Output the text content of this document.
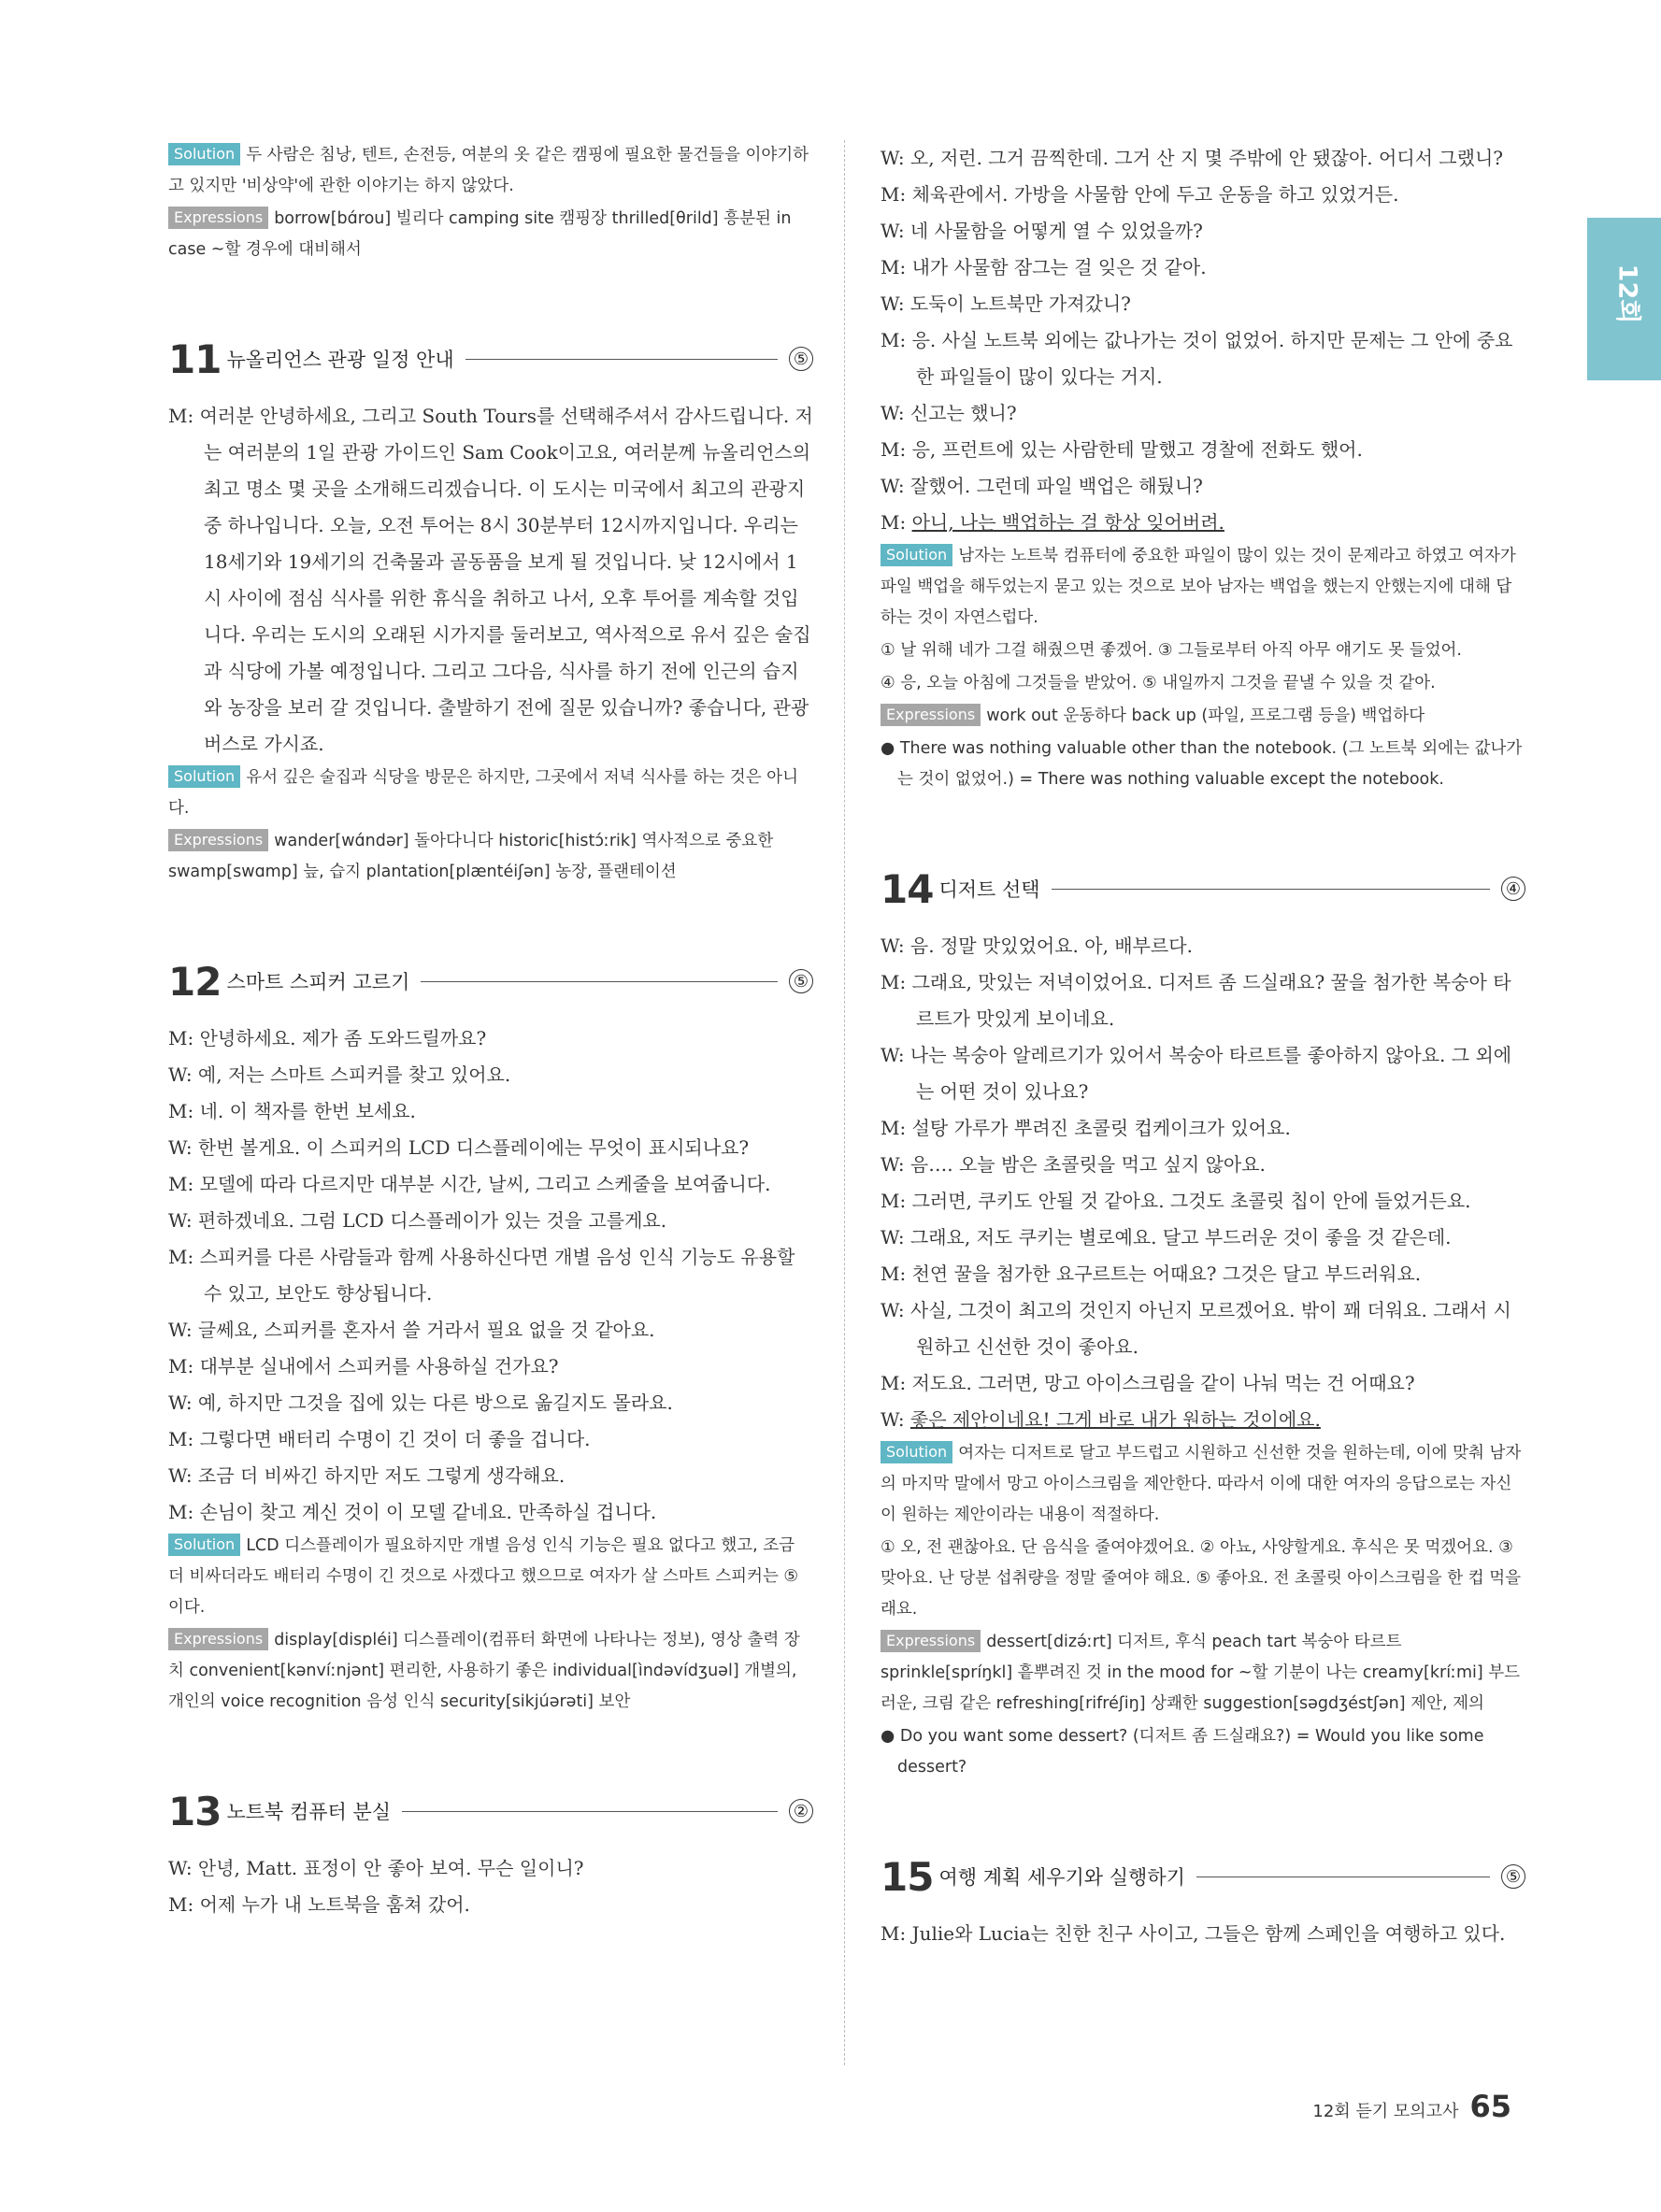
12회

Solution 두 사람은 침낭, 텐트, 손전등, 여분의 옷 같은 캠핑에 필요한 물건들을 이야기하고 있지만 '비상약'에 관한 이야기는 하지 않았다.

Expressions borrow[bɑ́rou] 빌리다 camping site 캠핑장 thrilled[θrild] 흥분된 in case ~할 경우에 대비해서

11 뉴올리언스 관광 일정 안내	⑤

M: 여러분 안녕하세요, 그리고 South Tours를 선택해주셔서 감사드립니다. 저는 여러분의 1일 관광 가이드인 Sam Cook이고요, 여러분께 뉴올리언스의 최고 명소 몇 곳을 소개해드리겠습니다. 이 도시는 미국에서 최고의 관광지 중 하나입니다. 오늘, 오전 투어는 8시 30분부터 12시까지입니다. 우리는 18세기와 19세기의 건축물과 골동품을 보게 될 것입니다. 낮 12시에서 1시 사이에 점심 식사를 위한 휴식을 취하고 나서, 오후 투어를 계속할 것입니다. 우리는 도시의 오래된 시가지를 둘러보고, 역사적으로 유서 깊은 술집과 식당에 가볼 예정입니다. 그리고 그다음, 식사를 하기 전에 인근의 습지와 농장을 보러 갈 것입니다. 출발하기 전에 질문 있습니까? 좋습니다, 관광버스로 가시죠.

Solution 유서 깊은 술집과 식당을 방문은 하지만, 그곳에서 저녁 식사를 하는 것은 아니다.

Expressions wander[wɑ́ndər] 돌아다니다 historic[histɔ́ːrik] 역사적으로 중요한 swamp[swɑmp] 늪, 습지 plantation[plæntéiʃən] 농장, 플랜테이션

12 스마트 스피커 고르기	⑤

M: 안녕하세요. 제가 좀 도와드릴까요?

W: 예, 저는 스마트 스피커를 찾고 있어요.

M: 네. 이 책자를 한번 보세요.

W: 한번 볼게요. 이 스피커의 LCD 디스플레이에는 무엇이 표시되나요?

M: 모델에 따라 다르지만 대부분 시간, 날씨, 그리고 스케줄을 보여줍니다.

W: 편하겠네요. 그럼 LCD 디스플레이가 있는 것을 고를게요.

M: 스피커를 다른 사람들과 함께 사용하신다면 개별 음성 인식 기능도 유용할 수 있고, 보안도 향상됩니다.

W: 글쎄요, 스피커를 혼자서 쓸 거라서 필요 없을 것 같아요.

M: 대부분 실내에서 스피커를 사용하실 건가요?

W: 예, 하지만 그것을 집에 있는 다른 방으로 옮길지도 몰라요.

M: 그렇다면 배터리 수명이 긴 것이 더 좋을 겁니다.

W: 조금 더 비싸긴 하지만 저도 그렇게 생각해요.

M: 손님이 찾고 계신 것이 이 모델 같네요. 만족하실 겁니다.

Solution LCD 디스플레이가 필요하지만 개별 음성 인식 기능은 필요 없다고 했고, 조금 더 비싸더라도 배터리 수명이 긴 것으로 사겠다고 했으므로 여자가 살 스마트 스피커는 ⑤이다.

Expressions display[displéi] 디스플레이(컴퓨터 화면에 나타나는 정보), 영상 출력 장치 convenient[kənvíːnjənt] 편리한, 사용하기 좋은 individual[ìndəvídʒuəl] 개별의, 개인의 voice recognition 음성 인식 security[sikjúərəti] 보안

13 노트북 컴퓨터 분실	②

W: 안녕, Matt. 표정이 안 좋아 보여. 무슨 일이니?

M: 어제 누가 내 노트북을 훔쳐 갔어.

W: 오, 저런. 그거 끔찍한데. 그거 산 지 몇 주밖에 안 됐잖아. 어디서 그랬니?

M: 체육관에서. 가방을 사물함 안에 두고 운동을 하고 있었거든.

W: 네 사물함을 어떻게 열 수 있었을까?

M: 내가 사물함 잠그는 걸 잊은 것 같아.

W: 도둑이 노트북만 가져갔니?

M: 응. 사실 노트북 외에는 값나가는 것이 없었어. 하지만 문제는 그 안에 중요한 파일들이 많이 있다는 거지.

W: 신고는 했니?

M: 응, 프런트에 있는 사람한테 말했고 경찰에 전화도 했어.

W: 잘했어. 그런데 파일 백업은 해뒀니?

M: 아니, 나는 백업하는 걸 항상 잊어버려.

Solution 남자는 노트북 컴퓨터에 중요한 파일이 많이 있는 것이 문제라고 하였고 여자가 파일 백업을 해두었는지 묻고 있는 것으로 보아 남자는 백업을 했는지 안했는지에 대해 답하는 것이 자연스럽다.

① 날 위해 네가 그걸 해줬으면 좋겠어. ③ 그들로부터 아직 아무 얘기도 못 들었어.

④ 응, 오늘 아침에 그것들을 받았어. ⑤ 내일까지 그것을 끝낼 수 있을 것 같아.

Expressions work out 운동하다 back up (파일, 프로그램 등을) 백업하다

● There was nothing valuable other than the notebook. (그 노트북 외에는 값나가는 것이 없었어.) = There was nothing valuable except the notebook.

14 디저트 선택	④

W: 음. 정말 맛있었어요. 아, 배부르다.

M: 그래요, 맛있는 저녁이었어요. 디저트 좀 드실래요? 꿀을 첨가한 복숭아 타르트가 맛있게 보이네요.

W: 나는 복숭아 알레르기가 있어서 복숭아 타르트를 좋아하지 않아요. 그 외에는 어떤 것이 있나요?

M: 설탕 가루가 뿌려진 초콜릿 컵케이크가 있어요.

W: 음…. 오늘 밤은 초콜릿을 먹고 싶지 않아요.

M: 그러면, 쿠키도 안될 것 같아요. 그것도 초콜릿 칩이 안에 들었거든요.

W: 그래요, 저도 쿠키는 별로예요. 달고 부드러운 것이 좋을 것 같은데.

M: 천연 꿀을 첨가한 요구르트는 어때요? 그것은 달고 부드러워요.

W: 사실, 그것이 최고의 것인지 아닌지 모르겠어요. 밖이 꽤 더워요. 그래서 시원하고 신선한 것이 좋아요.

M: 저도요. 그러면, 망고 아이스크림을 같이 나눠 먹는 건 어때요?

W: 좋은 제안이네요! 그게 바로 내가 원하는 것이에요.

Solution 여자는 디저트로 달고 부드럽고 시원하고 신선한 것을 원하는데, 이에 맞춰 남자의 마지막 말에서 망고 아이스크림을 제안한다. 따라서 이에 대한 여자의 응답으로는 자신이 원하는 제안이라는 내용이 적절하다.

① 오, 전 괜찮아요. 단 음식을 줄여야겠어요. ② 아뇨, 사양할게요. 후식은 못 먹겠어요. ③ 맞아요. 난 당분 섭취량을 정말 줄여야 해요. ⑤ 좋아요. 전 초콜릿 아이스크림을 한 컵 먹을래요.

Expressions dessert[dizə́ːrt] 디저트, 후식 peach tart 복숭아 타르트 sprinkle[spríŋkl] 흩뿌려진 것 in the mood for ~할 기분이 나는 creamy[kríːmi] 부드러운, 크림 같은 refreshing[rifréʃiŋ] 상쾌한 suggestion[səgdʒéstʃən] 제안, 제의

● Do you want some dessert? (디저트 좀 드실래요?) = Would you like some dessert?

15 여행 계획 세우기와 실행하기	⑤

M: Julie와 Lucia는 친한 친구 사이고, 그들은 함께 스페인을 여행하고 있다.

12회 듣기 모의고사 65
